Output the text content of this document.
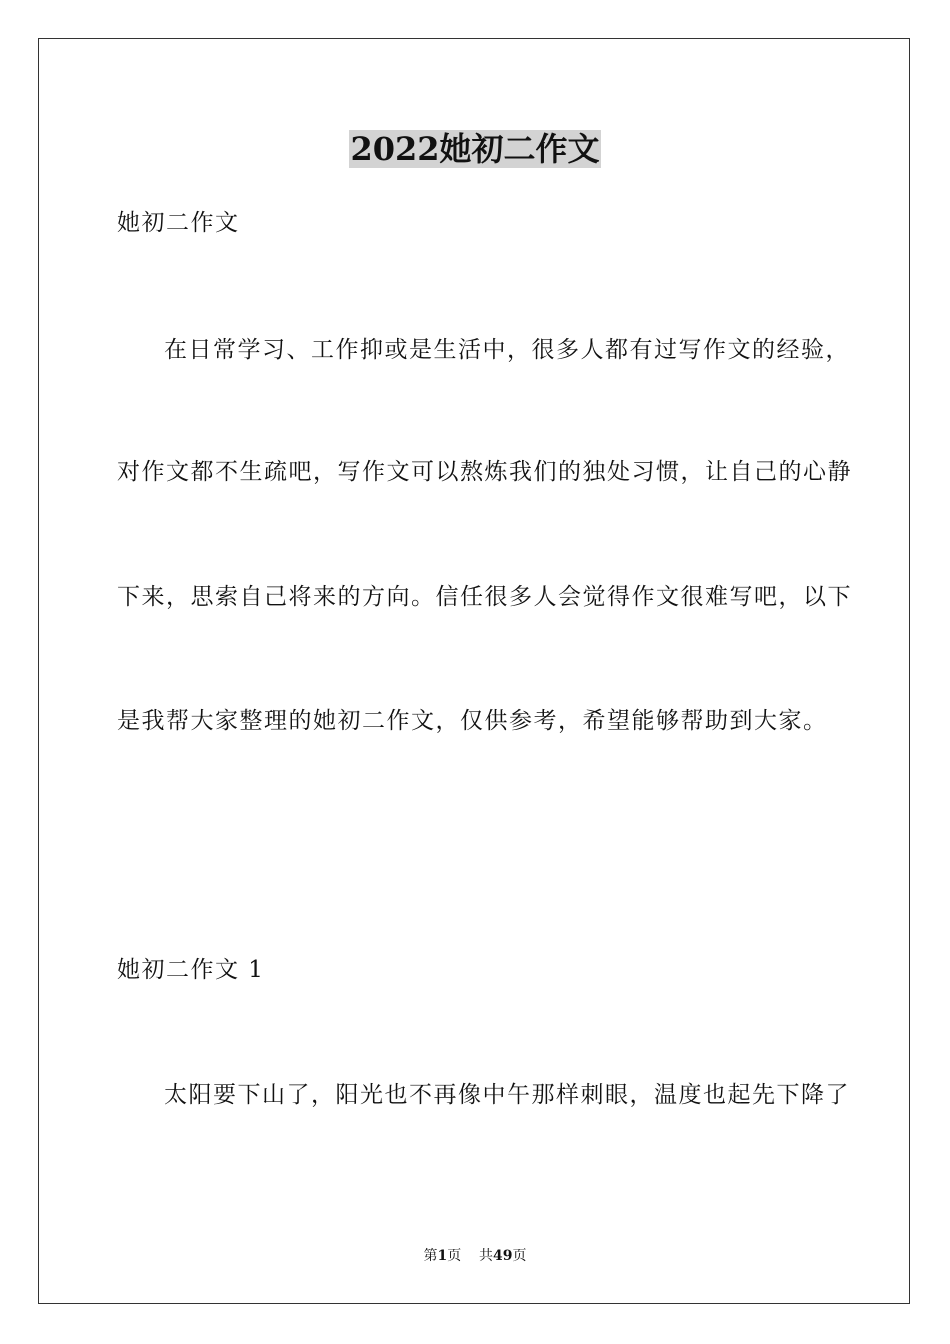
2022她初二作文
她初二作文
在日常学习、工作抑或是生活中，很多人都有过写作文的经验，
对作文都不生疏吧，写作文可以熬炼我们的独处习惯，让自己的心静
下来，思索自己将来的方向。信任很多人会觉得作文很难写吧，以下
是我帮大家整理的她初二作文，仅供参考，希望能够帮助到大家。
她初二作文 1
太阳要下山了，阳光也不再像中午那样刺眼，温度也起先下降了
第1页 共49页
